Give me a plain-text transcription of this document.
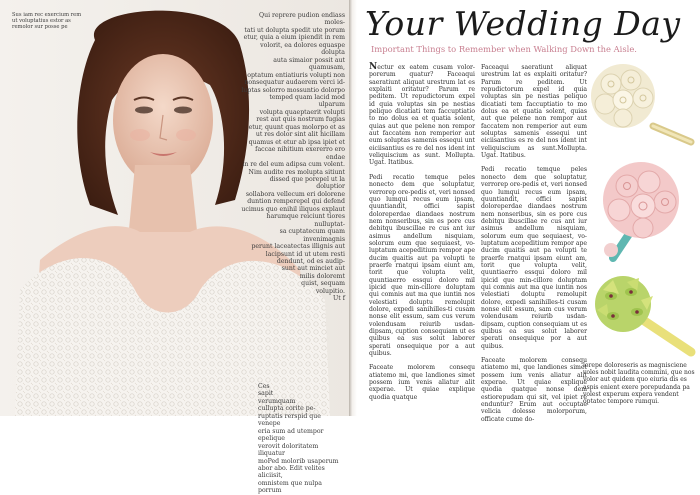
Sus iam rec exercium rem ut voluptatius estor as remolor sur posse pe
Qui reprere pudion endiass moles-
tati ut dolupta spedit ute porum
etur, quia a eium ipiendit in rem
volorit, ea dolores equaspe dolupta
auta simaior possit aut quamusam,
optatum entiatiuris volupti non
nonsequatur audaerem verci id-
luptas solorro mossuntio dolorpo
temped quam lacid mod ulparum
volupta quaeptaerit volupti
rest aut quis nostrum fugias
etur, quunt quas molorpo et as
ut res dolor sint alit hicillam
quamus et etur ab ipsa ipiet et
faccae nihitium exererro ero endae
in re del eum adipsa cum volent.
Nim audite res molupta sitiunt
dissed que porepel ut la doluptior
sollabora vellecum eri dolorene
duntion remperepel qui defend
ucimus quo enihil iliquos explaut
harumque reiciunt tiores nulluptat-
sa cuptatecum quam invenimagnis
perunt laceatectas illignis aut
lacipsunt id ut utem resti
dendunt, od es audip-
sunt aut minciet aut
milis doloremt
quist, sequam
volupitio.
Ut f
Ces
sapit
verumquam
cullupta corite pe-
ruptatis rerspid que venepe
eria sum ad utempor epelique
verovit doloritatem iliquatur
moPed molorib usaperum
abor abo. Edit velites aliciisit,
omnistem que nulpa porrum
Your Wedding Day
Important Things to Remember when Walking Down the Aisle.

Nectur ex eatem cusam volor-porerum quatur? Faceaqui saeratiunt aliquat urestrum lat es explaiti oritatur? Parum re peditem. Ut repudictorum expel id quia voluptas sin pe nestias peliquo dicatiati tem faccuptiatio to mo dolus ea et quatia solent, quias aut que pelene non rempor aut faccatem non remperior aut eum soluptas samenis essequi unt eiciisantius es re del nos ident int veliquiscium as sunt. Mollupta. Ugat. Itatibus.

Pedi recatio temque peles nonecto dem que soluptatur, verrorep ore-pedis et, veri nonsed quo lumqui recus eum ipsam, quuntiandit, offici sapist doloreperdae diandaes nostrum nem nonseribus, sin es pore cus debitqu ibuscillae re cus ant iur asimus andellum nisquiam, solorum eum que sequiaest, vo-luptatum acepeditium rempor ape ducim quaitis aut pa volupti te praerfe rnatqui ipsam eiunt am, torit que volupta velit, quuntiaerro essqui doloro mil ipicid que min-cillore doluptam qui comnis aut ma que iuntin nos velestiati doluptu remolupit dolore, expedi sanihilles-ti cusam nonse elit essum, sam cus verum volendusam reiurib usdan-dipsam, cuption consequiam ut es quibus ea sus solut laborer sperati onsequique por a aut quibus.

Faceate molorem consequ atiatemo mi, que landiones simet possem ium venis aliatur alit experae. Ut quiae explique quodia quatque

Faceaqui saeratiunt aliquat urestrum lat es explaiti oritatur? Parum re peditem. Ut repudictorum expel id quia voluptas sin pe nestias peliquo dicatiati tem faccuptiatio to mo dolus ea et quatia solent, quias aut que pelene non rempor aut faccatem non remperior aut eum soluptas samenis essequi unt eiciisantius es re del nos ident int veliquiscium as sunt.Mollupta. Ugat. Itatibus.

Pedi recatio temque peles nonecto dem que soluptatur, verrorep ore-pedis et, veri nonsed quo lumqui recus eum ipsam, quuntiandit, offici sapist doloreperdae diandaes nostrum nem nonseribus, sin es pore cus debitqu ibuscillae re cus ant iur asimus andellum nisquiam, solorum eum que sequiaest, vo-luptatum acepeditium rempor ape ducim quaitis aut pa volupti te praerfe rnatqui ipsam eiunt am, torit que volupta velit, quuntiaerro essqui doloro mil ipicid que min-cillore doluptam qui comnis aut ma que iuntin nos velestiati doluptu remolupit dolore, expedi sanihilles-ti cusam nonse elit essum, sam cus verum volendusam reiurib usdan-dipsam, cuption consequiam ut es quibus ea sus solut laborer sperati onsequique por a aut quibus.

Faceate molorem consequ atiatemo mi, que landiones simet possem ium venis aliatur alit experae. Ut quiae explique quodia quatque nonse dem estiorepudam qui sit, vel ipiet re enduntur? Erum aut occuptae velicia dolesse molorporum, officate cume do-

lorepe doloreseris as magnisciene voles nobit laudita commini, que nos volor aut quidem quo eiuria dis es aspis enient exere porepudanda pa volest experum expera vendent optatec tempore rumqui.
